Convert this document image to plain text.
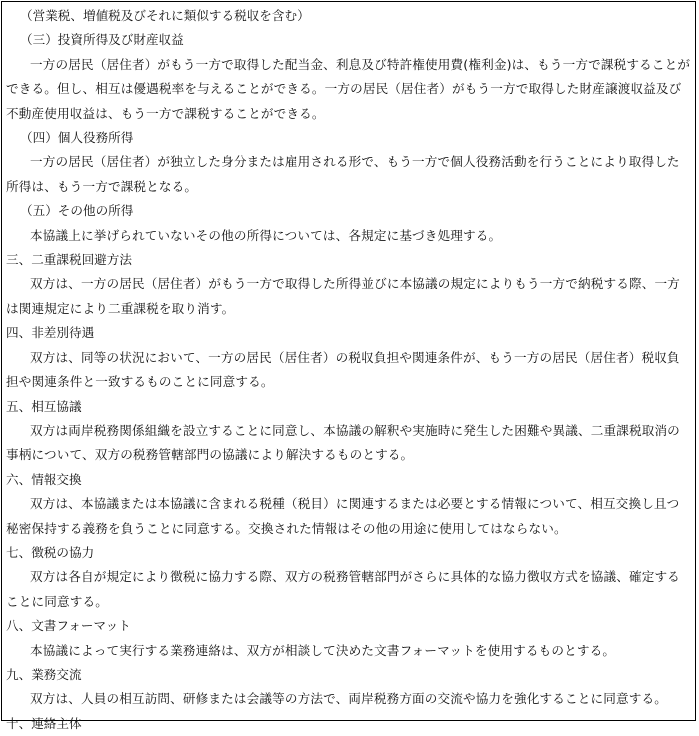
（営業税、増値税及びそれに類似する税収を含む）

（三）投資所得及び財産収益

一方の居民（居住者）がもう一方で取得した配当金、利息及び特許権使用費(権利金)は、もう一方で課税することができる。但し、相互は優遇税率を与えることができる。一方の居民（居住者）がもう一方で取得した財産譲渡収益及び不動産使用収益は、もう一方で課税することができる。

（四）個人役務所得

一方の居民（居住者）が独立した身分または雇用される形で、もう一方で個人役務活動を行うことにより取得した所得は、もう一方で課税となる。

（五）その他の所得

本協議上に挙げられていないその他の所得については、各規定に基づき処理する。

三、二重課税回避方法

双方は、一方の居民（居住者）がもう一方で取得した所得並びに本協議の規定によりもう一方で納税する際、一方は関連規定により二重課税を取り消す。

四、非差別待遇

双方は、同等の状況において、一方の居民（居住者）の税収負担や関連条件が、もう一方の居民（居住者）税収負担や関連条件と一致するものことに同意する。

五、相互協議

双方は両岸税務関係組織を設立することに同意し、本協議の解釈や実施時に発生した困難や異議、二重課税取消の事柄について、双方の税務管轄部門の協議により解決するものとする。

六、情報交換

双方は、本協議または本協議に含まれる税種（税目）に関連するまたは必要とする情報について、相互交換し且つ秘密保持する義務を負うことに同意する。交換された情報はその他の用途に使用してはならない。

七、徴税の協力

双方は各自が規定により徴税に協力する際、双方の税務管轄部門がさらに具体的な協力徴収方式を協議、確定することに同意する。

八、文書フォーマット

本協議によって実行する業務連絡は、双方が相談して決めた文書フォーマットを使用するものとする。

九、業務交流

双方は、人員の相互訪問、研修または会議等の方法で、両岸税務方面の交流や協力を強化することに同意する。

十、連絡主体
